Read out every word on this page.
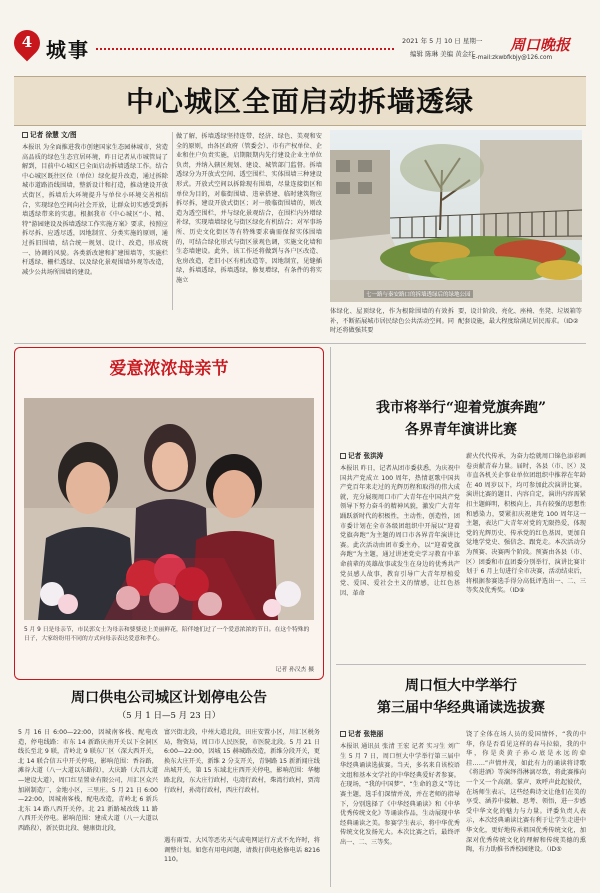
4 城事	2021 年 5 月 10 日 星期一
编辑 陈琳 美编 黄金红 周口晚报
E-mail:zkwbfkbjy@126.com
中心城区全面启动拆墙透绿
记者 徐慧 文/图
本报讯 为全面推进我市创建国家生态园林城市，营造高品质的绿色生态宜居环境，昨日记者从市城管局了解到，目前中心城区已全面启动拆墙透绿工作。结合中心城区既往区位（单位）绿化提升改造，通过拆除城市道路沿线围墙，整新设计和打造，推动建设开放式街区，拆墙后大环境提升与单位小环境交善相结合，实现绿色空间向社会开放，让群众切实感受到拆墙透绿带来的实惠。根据我市《中心城区“小、精、特”游园建设及拆墙透绿工作实施方案》要求，按照应拆尽拆、应透尽透，因地制宜、分类实施的原则，通过拆旧围墙，结合统一规划、设计、改造，形成统一、协调的风貌。各类新改建和扩建围墙等，实施栏杆透绿、栅栏透绿、以及绿化景观围墙外观等改造，减少公共场所围墙的建设。
做了解，拆墙透绿坚持连带、经济、绿色、美观和安全的原则，由各区政府（管委会）、市有产权单位、企业和住户负责实施，启期限期内先行建设企业主单位负责，并纳入辖区规划、建设、城管部门监督。拆墙透绿分为开放式空间、透空围栏、实体围墙三种建设形式。开放式空间以拆除现有围墙，尽量连接街区和单位为目的，对临街围墙、违章搭建、临时建筑物应拆尽拆，建设开放式街区；对一般临街围墙的，则改造为透空围栏，并与绿化景观结合，在围栏内外增绿补绿，实现墙墙绿化与街区绿化有机结合；对军事场所、历史文化街区等有特殊要求确需保留实体围墙的，可结合绿化形式与街区景观色调，实施文化墙和生态墙建设。此外，该工作还将做到与各户区改造、危房改造，老旧小区有机改造等，因地制宜，见缝插绿，拆墙透绿，拆墙透绿，修复增绿，有条件的将实施立
七一路与秦安路口的拆墙透绿后的绿地公园
体绿化、屋顶绿化，作为根除围墙的有效拆补，不断拓展城市居民绿色公共活动空间。同时还将做强其要
要，设计阶段、亮化、座椅、坐凳、垃圾箱等配套设施，最大程度给满足居民需求。（ID②
爱意浓浓母亲节
5 月 9 日是母亲节，市民郭女士为母亲和婆婆送上美丽鲜花，陪伴她们过了一个爱意浓浓的节日。在这个特殊的日子，大家纷纷用不同的方式向母亲表达爱意和孝心。
记者 孙汉杰 摄
周口供电公司城区计划停电公告
（5 月 1 日—5 月 23 日）
5 月 16 日 6:00—22:00，因城南客栈、配电改造，停电线路：市东 14 新路庆南开关以下全洞区线长至北 9 联，青岭北 9 联东厂区（深大西开关，北 14 联合信五中开关停电，影响范围：香谷路，滩谷大道（八一大道以东路段），大庆路（大昌大道—建设大道），周口红星置业有限公司，川汇区众兴加剧制造厂，金地小区，三里庄。5 月 21 日 6:00—22:00，因城南客栈、配电改造，青岭北 6 新兵北东 14 路八西开关停。北 21 新路城改线 11 路八西开关停电。影响范围：建成大道（八一大道以西路段），新民街北段、健康街北段，
富兴街北段，中州大道北段，田庄安置小区，川汇区税务局，物资局，周口市人民医院，市医院北段。5 月 21 日 6:00—22:00，因城 15 赫城路改造，新维分段开关，更换东大庄开关，新维 2 分支开关，青铜路 15 新新闻庄线出城开关，第 15 东域北庄西开关停电，影响范围：华穗路北段，东大庄行政村，屯湾行政村，柴湾行政村，贾湾行政村，孙湾行政村，西庄行政村。
遇有雨雪、大风等恶劣天气或电网运行方式不允许时，将调整计划。如您有用电问题，请拨打供电抢修电话 8216110。
我市将举行“迎着党旗奔跑”
各界青年演讲比赛
记者 张洪涛
本报讯 昨日，记者从团市委获悉，为庆祝中国共产党成立 100 周年，热情讴歌中国共产党百年来走过的光辉历程和取得的伟大成就，充分展现周口市广大青年在中国共产党领导下努力奋斗的精神风貌，激发广大青年踊跃新时代的积极性，主动性，创造性，团市委计划在全市各级团组织中开展以“迎着党旗奔跑”为主题的周口市各界青年演讲比赛。此次活动由团市委主办，以“迎着党旗奔跑”为主题，通过讲述党史学习教育中革命前辈的英雄故事或发生在身边的优秀共产党员感人故事，教育引导广大青年厚植爱党、爱国、爱社会主义的情感，让红色基因、革命
薪火代代传承，为奋力绘就周口锦色添彩画卷贡献青春力量。届时，各县（市、区）及市直各机关企事业单位团组织中推荐在年龄在 40 周岁以下，均可参加此次演讲比赛。演讲比赛的题目、内容自定，演讲内容需紧扣主题鲜明，积极向上，具有较强的思想性和感染力，要紧扣庆祝建党 100 周年这一主题，表达广大青年对党的无限热爱，体现党的光辉历史、传承党的红色基因，更加自觉地学党史、强信念、跟党走。本次活动分为预赛、决赛两个阶段。预赛由各县（市、区）团委和市直团委分别举行，演讲比赛计划于 6 月上旬进行全市决赛，活动结束后，将根据参赛选手得分高低评选出一、二、三等奖及优秀奖。（ID⑨
周口恒大中学举行
第三届中华经典诵读选拔赛
记者 张艳丽
本报讯 通讯员 张清 王宏 记者 实习生 刘广生 5 月 7 日，周口恒大中学举行第三届中华经典诵读选拔赛。当天，多名来自该校语文组和基本文学社的中华经典爱好者参赛。在现场，“我的中国梦”、“生命的意义”等比赛主题，选手们深情并茂，并在老师的指导下，分别选择了《中华经典诵读》和《中华优秀传统文化》等诵读作品，生动展现中华经典诵读之美。参赛学生表示，将中华优秀传统文化发扬光大。本次比赛之后，最终评出一、二、三等奖。
饶了全体在场人员的爱国情怀，“我的中华，你是否看见这样的春马拉辕，我的中华，你是炎黄子孙心底是永远的牵挂……”声情并茂，如此有力的诵读将诗歌《将进酒》等演绎得淋漓尽致，将此赛推向一个又一个高潮。掌声、欢呼声此起彼伏，在场师生表示，这些经典诗文让他们在美的享受、涵养中接触、思考、领悟，进一步感受中华文化的魅力与力量。评委负责人表示，本次经典诵读比赛有利于让学生走进中华文化，更好地传承祖国优秀传统文化，加深对优秀传统文化的理解和传统美德的熏陶，有力助推书香校园建设。（ID⑤
